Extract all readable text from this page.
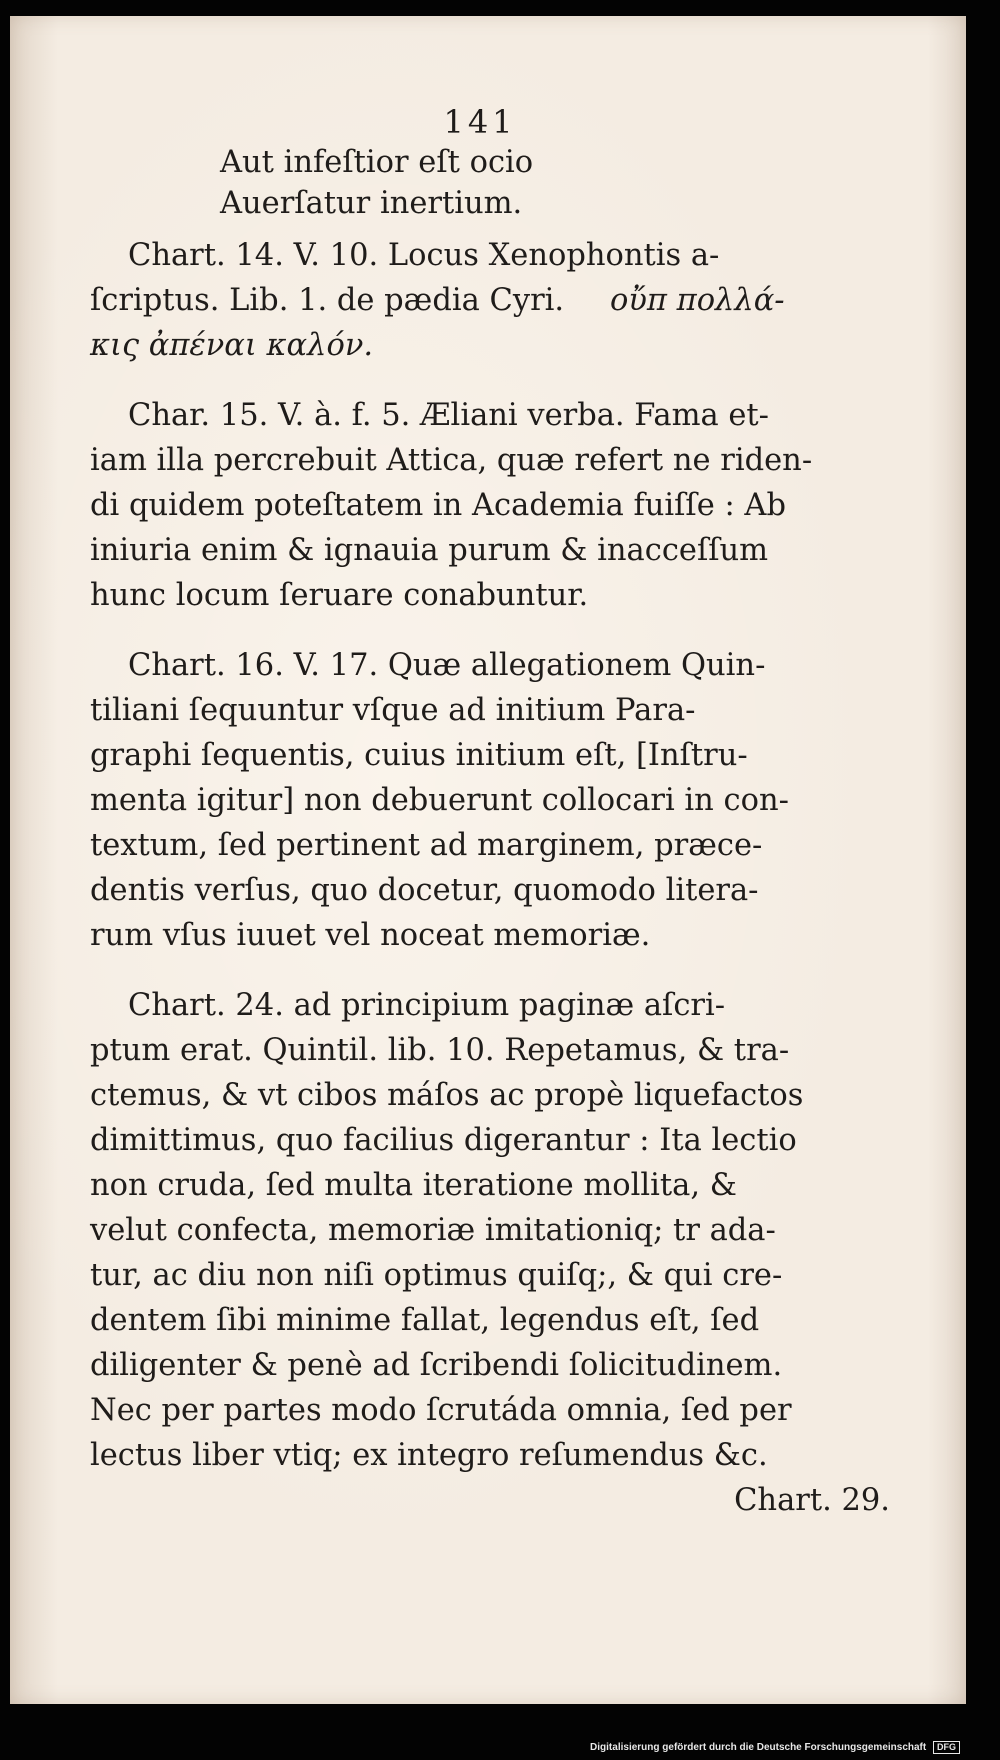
141
Aut infeſtior eſt ocio
Auerſatur inertium.
Chart. 14. V. 10. Locus Xenophontis a-
ſcriptus. Lib. 1. de pædia Cyri. οὔπ πολλά-
κις ἀπέναι καλόν.
Char. 15. V. à. f. 5. Æliani verba. Fama et-
iam illa percrebuit Attica, quæ refert ne riden-
di quidem poteſtatem in Academia fuiſſe : Ab
iniuria enim & ignauia purum & inacceſſum
hunc locum ſeruare conabuntur.
Chart. 16. V. 17. Quæ allegationem Quin-
tiliani ſequuntur vſque ad initium Para-
graphi ſequentis, cuius initium eſt, [Inſtru-
menta igitur] non debuerunt collocari in con-
textum, ſed pertinent ad marginem, præce-
dentis verſus, quo docetur, quomodo litera-
rum vſus iuuet vel noceat memoriæ.
Chart. 24. ad principium paginæ aſcri-
ptum erat. Quintil. lib. 10. Repetamus, & tra-
ctemus, & vt cibos máſos ac propè liquefactos
dimittimus, quo facilius digerantur : Ita lectio
non cruda, ſed multa iteratione mollita, &
velut confecta, memoriæ imitationiq; tr ada-
tur, ac diu non niſi optimus quiſq;, & qui cre-
dentem ſibi minime fallat, legendus eſt, ſed
diligenter & penè ad ſcribendi ſolicitudinem.
Nec per partes modo ſcrutáda omnia, ſed per
lectus liber vtiq; ex integro reſumendus &c.
Chart. 29.
Digitalisierung gefördert durch die Deutsche Forschungsgemeinschaft DFG
